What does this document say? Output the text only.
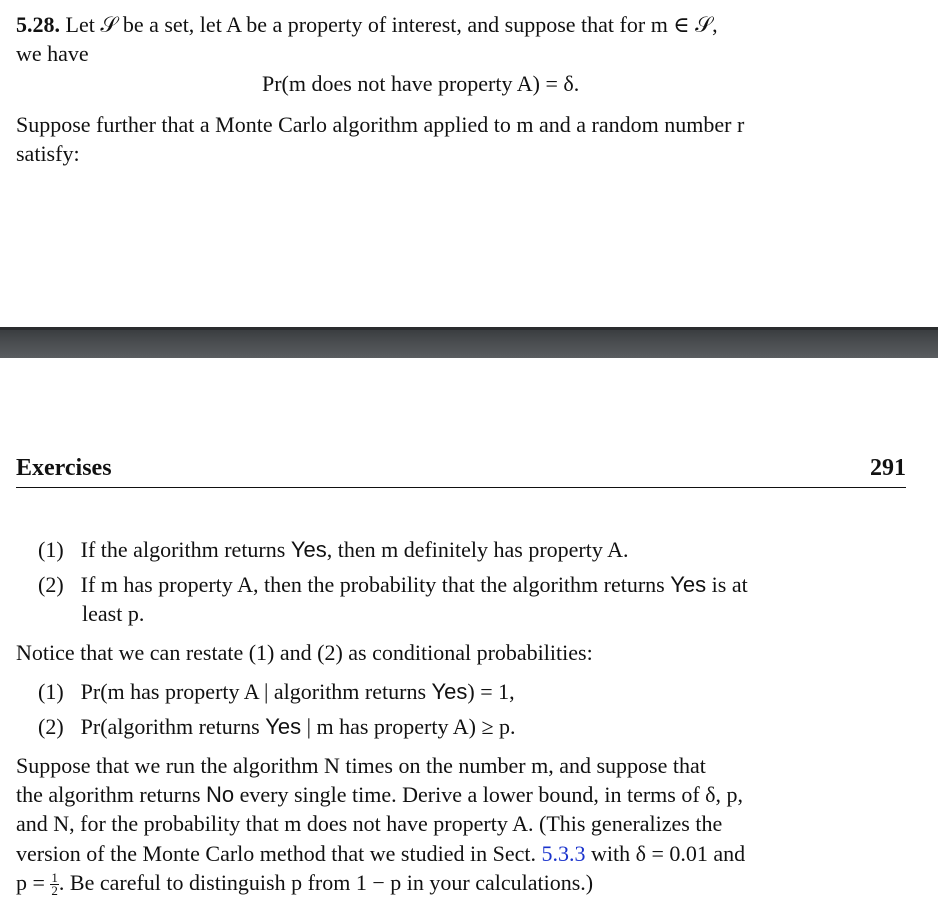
5.28. Let 𝒮 be a set, let A be a property of interest, and suppose that for m ∈ 𝒮,
we have
Pr(m does not have property A) = δ.
Suppose further that a Monte Carlo algorithm applied to m and a random number r
satisfy:
Exercises	291
(1) If the algorithm returns Yes, then m definitely has property A.
(2) If m has property A, then the probability that the algorithm returns Yes is at
least p.
Notice that we can restate (1) and (2) as conditional probabilities:
(1) Pr(m has property A | algorithm returns Yes) = 1,
(2) Pr(algorithm returns Yes | m has property A) ≥ p.
Suppose that we run the algorithm N times on the number m, and suppose that
the algorithm returns No every single time. Derive a lower bound, in terms of δ, p,
and N, for the probability that m does not have property A. (This generalizes the
version of the Monte Carlo method that we studied in Sect. 5.3.3 with δ = 0.01 and
$p = \frac{1}{2}$ . Be careful to distinguish p from 1 − p in your calculations.)
